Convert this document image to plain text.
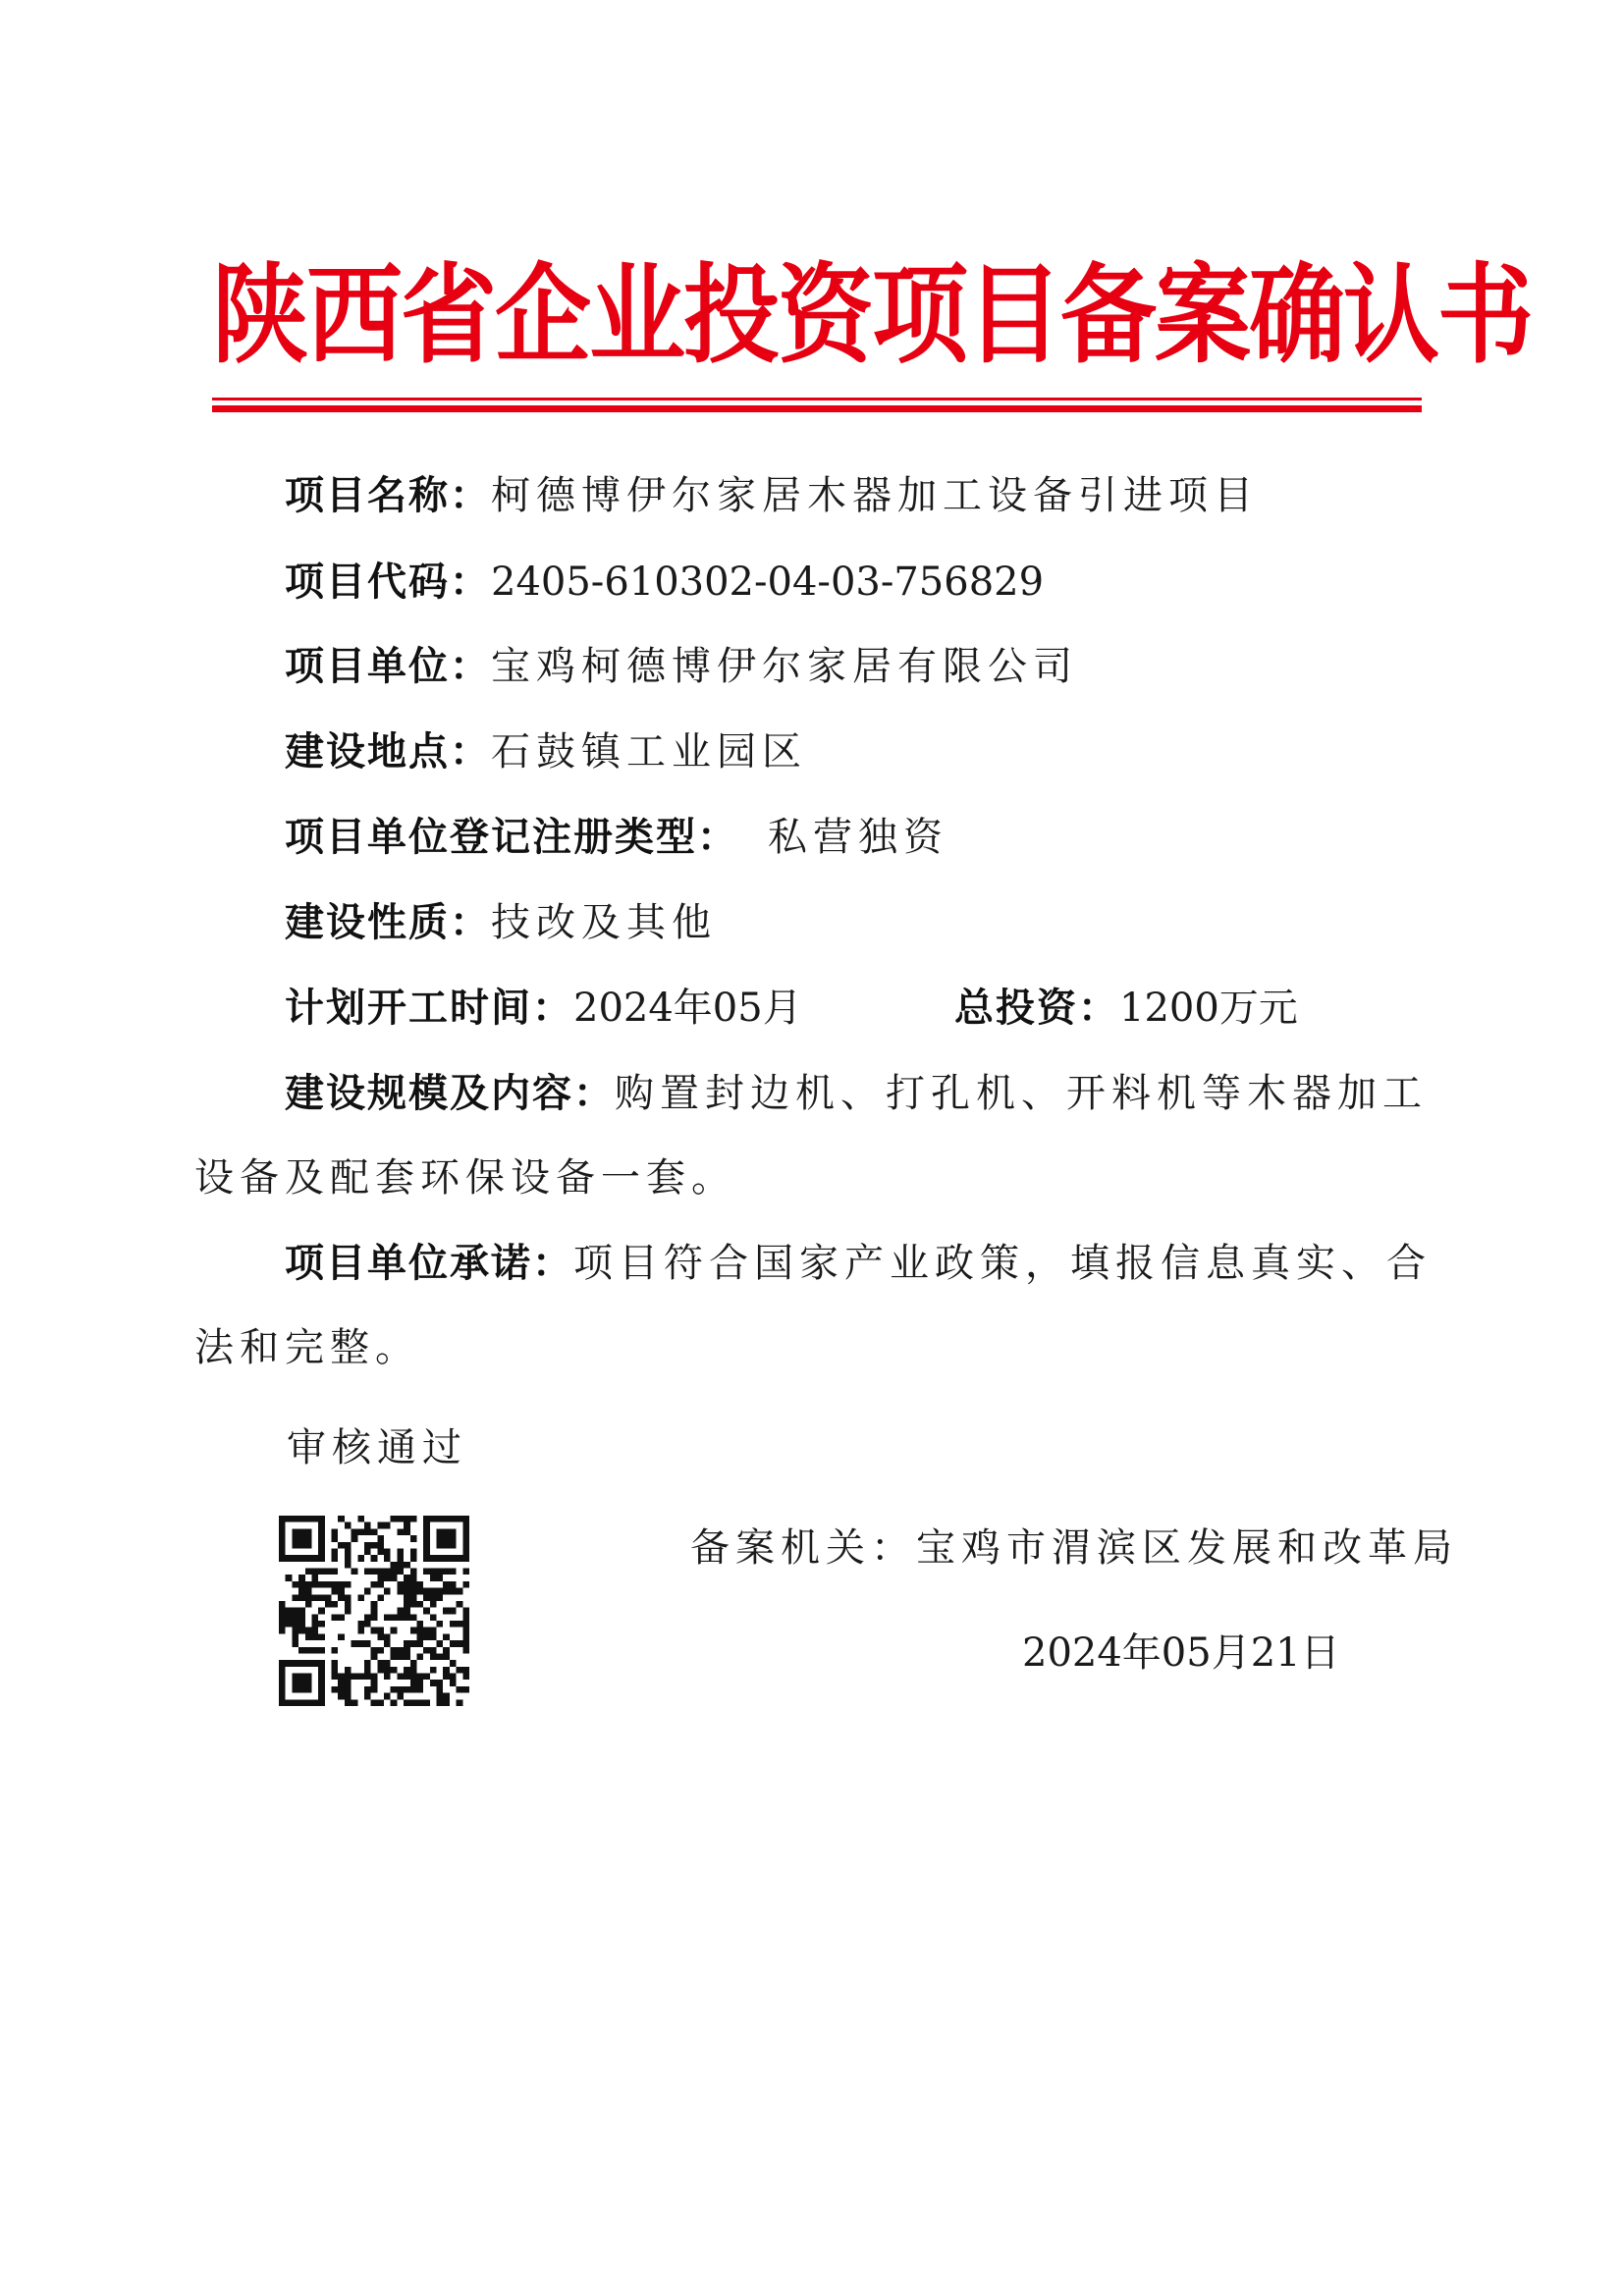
陕西省企业投资项目备案确认书
项目名称：柯德博伊尔家居木器加工设备引进项目
项目代码：2405-610302-04-03-756829
项目单位：宝鸡柯德博伊尔家居有限公司
建设地点：石鼓镇工业园区
项目单位登记注册类型： 私营独资
建设性质：技改及其他
计划开工时间：2024年05月	总投资：1200万元
建设规模及内容：购置封边机、打孔机、开料机等木器加工
设备及配套环保设备一套。
项目单位承诺：项目符合国家产业政策，填报信息真实、合
法和完整。
审核通过
备案机关：宝鸡市渭滨区发展和改革局
2024年05月21日
